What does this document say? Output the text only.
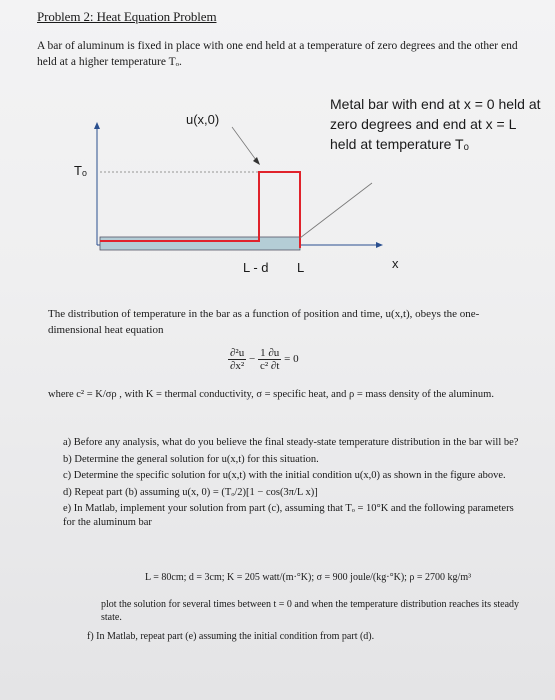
Problem 2: Heat Equation Problem
A bar of aluminum is fixed in place with one end held at a temperature of zero degrees and the other end held at a higher temperature Tₒ.
u(x,0)
Tₒ
L - d L	x
Metal bar with end at x = 0 held at zero degrees and end at x = L held at temperature Tₒ
The distribution of temperature in the bar as a function of position and time, u(x,t), obeys the one-dimensional heat equation
$\frac{\text{∂²u}}{\text{∂x²}} - \frac{1 \partial u}{\text{c² ∂t}} = 0$
where c² = K/σρ , with K = thermal conductivity, σ = specific heat, and ρ = mass density of the aluminum.
a) Before any analysis, what do you believe the final steady-state temperature distribution in the bar will be?
b) Determine the general solution for u(x,t) for this situation.
c) Determine the specific solution for u(x,t) with the initial condition u(x,0) as shown in the figure above.
d) Repeat part (b) assuming u(x, 0) = (Tₒ/2)[1 − cos(3π/L x)]
e) In Matlab, implement your solution from part (c), assuming that Tₒ = 10°K and the following parameters for the aluminum bar
L = 80cm; d = 3cm; K = 205 watt/(m·°K); σ = 900 joule/(kg·°K); ρ = 2700 kg/m³
plot the solution for several times between t = 0 and when the temperature distribution reaches its steady state.
f) In Matlab, repeat part (e) assuming the initial condition from part (d).
